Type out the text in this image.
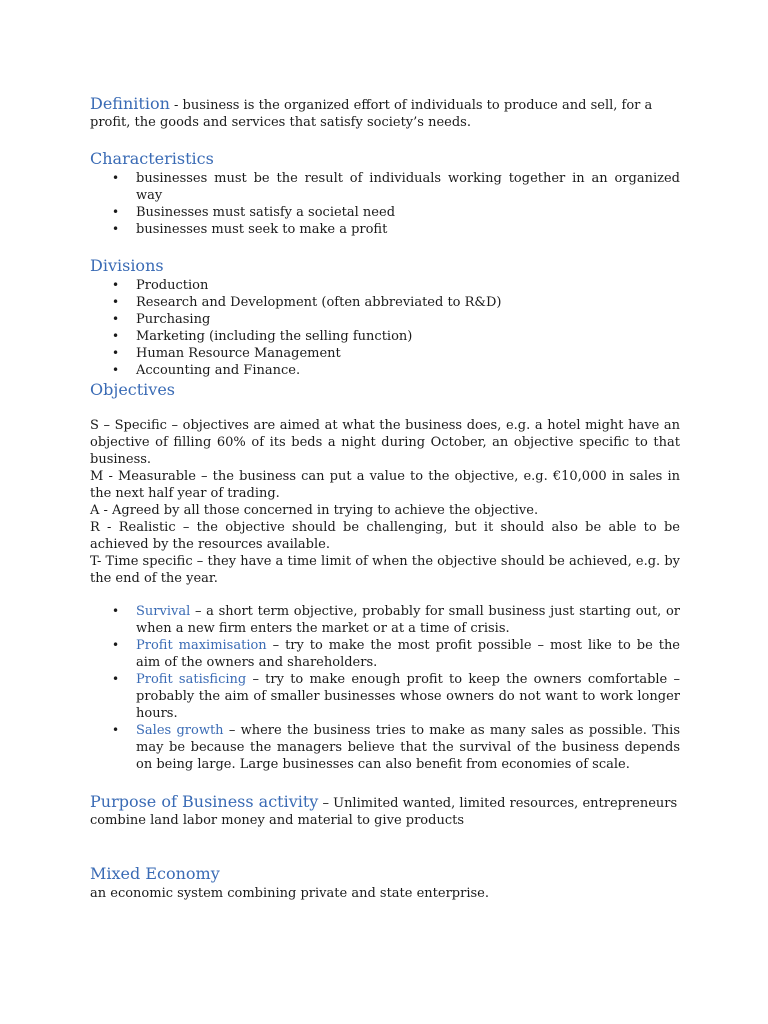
Definition - business is the organized effort of individuals to produce and sell, for a profit, the goods and services that satisfy society’s needs.

Characteristics
• businesses must be the result of individuals working together in an organized way
• Businesses must satisfy a societal need
• businesses must seek to make a profit
Divisions
• Production
• Research and Development (often abbreviated to R&D)
• Purchasing
• Marketing (including the selling function)
• Human Resource Management
• Accounting and Finance.
Objectives

S – Specific – objectives are aimed at what the business does, e.g. a hotel might have an objective of filling 60% of its beds a night during October, an objective specific to that business.

M - Measurable – the business can put a value to the objective, e.g. €10,000 in sales in the next half year of trading.

A - Agreed by all those concerned in trying to achieve the objective.

R - Realistic – the objective should be challenging, but it should also be able to be achieved by the resources available.

T- Time specific – they have a time limit of when the objective should be achieved, e.g. by the end of the year.

• Survival – a short term objective, probably for small business just starting out, or when a new firm enters the market or at a time of crisis.
• Profit maximisation – try to make the most profit possible – most like to be the aim of the owners and shareholders.
• Profit satisficing – try to make enough profit to keep the owners comfortable – probably the aim of smaller businesses whose owners do not want to work longer hours.
• Sales growth – where the business tries to make as many sales as possible. This may be because the managers believe that the survival of the business depends on being large. Large businesses can also benefit from economies of scale.

Purpose of Business activity – Unlimited wanted, limited resources, entrepreneurs combine land labor money and material to give products

Mixed Economy

an economic system combining private and state enterprise.
